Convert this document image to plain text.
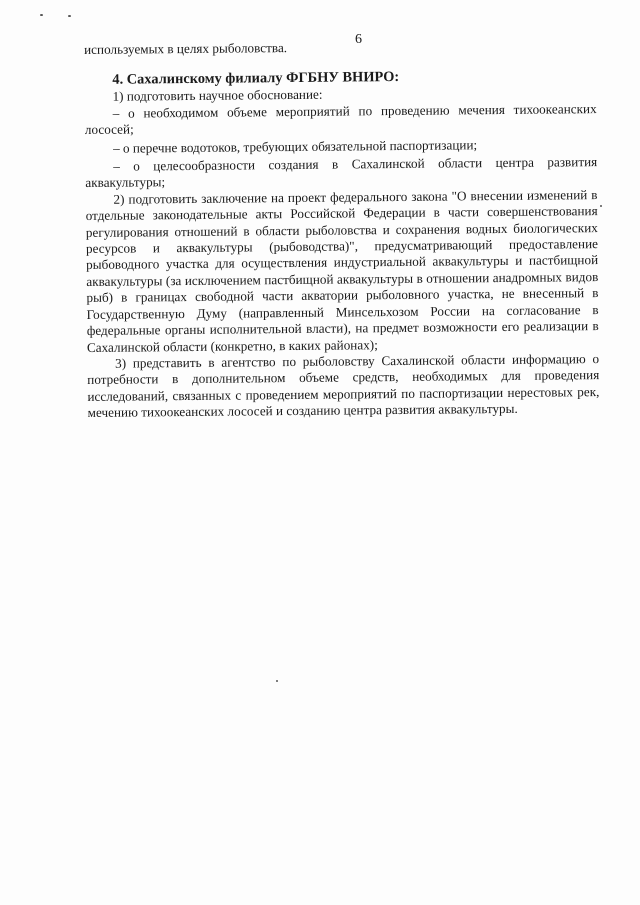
6

используемых в целях рыболовства.

4. Сахалинскому филиалу ФГБНУ ВНИРО:

1) подготовить научное обоснование:

– о необходимом объеме мероприятий по проведению мечения тихоокеанских лососей;

– о перечне водотоков, требующих обязательной паспортизации;

– о целесообразности создания в Сахалинской области центра развития аквакультуры;

2) подготовить заключение на проект федерального закона "О внесении изменений в отдельные законодательные акты Российской Федерации в части совершенствования регулирования отношений в области рыболовства и сохранения водных биологических ресурсов и аквакультуры (рыбоводства)", предусматривающий предоставление рыбоводного участка для осуществления индустриальной аквакультуры и пастбищной аквакультуры (за исключением пастбищной аквакультуры в отношении анадромных видов рыб) в границах свободной части акватории рыболовного участка, не внесенный в Государственную Думу (направленный Минсельхозом России на согласование в федеральные органы исполнительной власти), на предмет возможности его реализации в Сахалинской области (конкретно, в каких районах);

3) представить в агентство по рыболовству Сахалинской области информацию о потребности в дополнительном объеме средств, необходимых для проведения исследований, связанных с проведением мероприятий по паспортизации нерестовых рек, мечению тихоокеанских лососей и созданию центра развития аквакультуры.
